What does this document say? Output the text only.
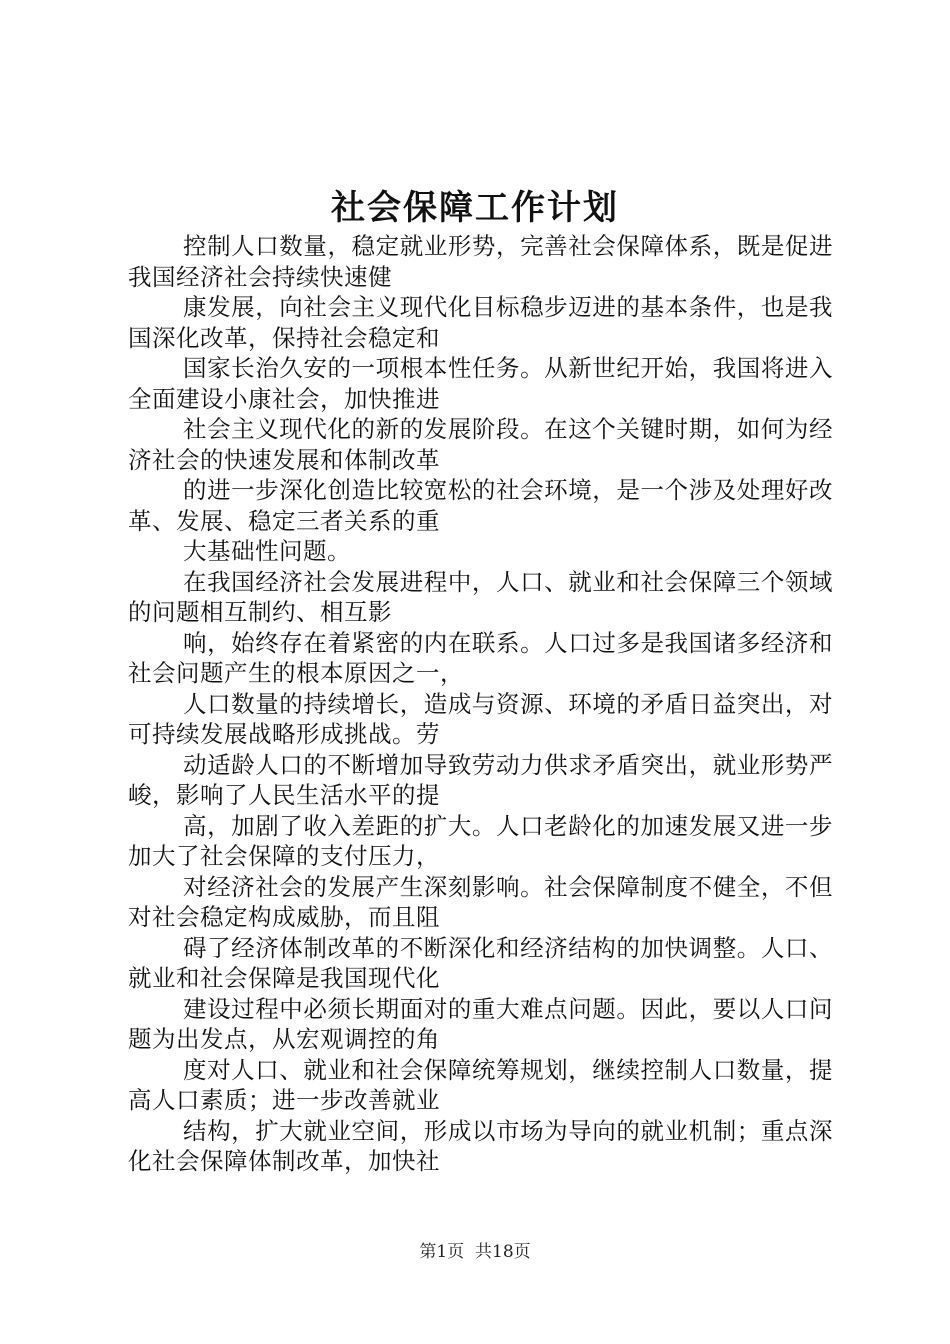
社会保障工作计划

控制人口数量，稳定就业形势，完善社会保障体系，既是促进我国经济社会持续快速健

康发展，向社会主义现代化目标稳步迈进的基本条件，也是我国深化改革，保持社会稳定和

国家长治久安的一项根本性任务。从新世纪开始，我国将进入全面建设小康社会，加快推进

社会主义现代化的新的发展阶段。在这个关键时期，如何为经济社会的快速发展和体制改革

的进一步深化创造比较宽松的社会环境，是一个涉及处理好改革、发展、稳定三者关系的重

大基础性问题。

在我国经济社会发展进程中，人口、就业和社会保障三个领域的问题相互制约、相互影

响，始终存在着紧密的内在联系。人口过多是我国诸多经济和社会问题产生的根本原因之一，

人口数量的持续增长，造成与资源、环境的矛盾日益突出，对可持续发展战略形成挑战。劳

动适龄人口的不断增加导致劳动力供求矛盾突出，就业形势严峻，影响了人民生活水平的提

高，加剧了收入差距的扩大。人口老龄化的加速发展又进一步加大了社会保障的支付压力，

对经济社会的发展产生深刻影响。社会保障制度不健全，不但对社会稳定构成威胁，而且阻

碍了经济体制改革的不断深化和经济结构的加快调整。人口、就业和社会保障是我国现代化

建设过程中必须长期面对的重大难点问题。因此，要以人口问题为出发点，从宏观调控的角

度对人口、就业和社会保障统筹规划，继续控制人口数量，提高人口素质；进一步改善就业

结构，扩大就业空间，形成以市场为导向的就业机制；重点深化社会保障体制改革，加快社

第1页 共18页
